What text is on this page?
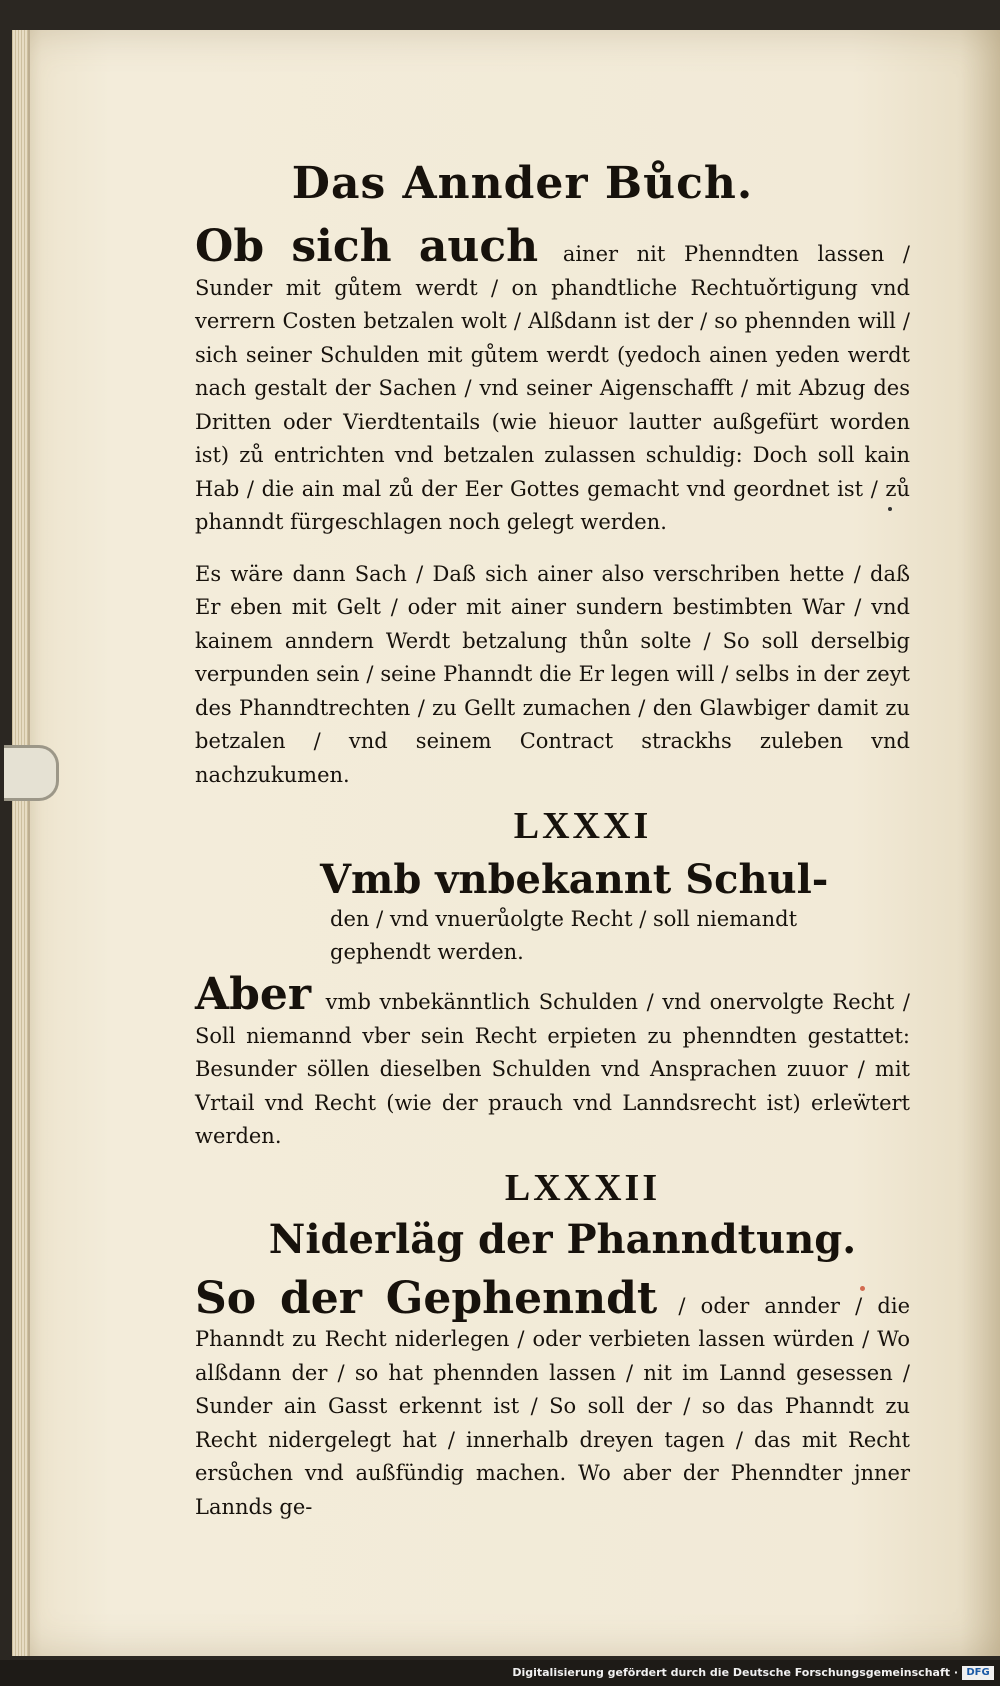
Das Annder Bůch.

Ob sich auch ainer nit Phenndten lassen / Sunder mit gůtem werdt / on phandtliche Rechtuǒrtigung vnd verrern Costen betzalen wolt / Alßdann ist der / so phennden will / sich seiner Schulden mit gůtem werdt (yedoch ainen yeden werdt nach gestalt der Sachen / vnd seiner Aigenschafft / mit Abzug des Dritten oder Vierdtentails (wie hieuor lautter außgefürt worden ist) zů entrichten vnd betzalen zulassen schuldig: Doch soll kain Hab / die ain mal zů der Eer Gottes gemacht vnd geordnet ist / zů phanndt fürgeschlagen noch gelegt werden.

Es wäre dann Sach / Daß sich ainer also verschriben hette / daß Er eben mit Gelt / oder mit ainer sundern bestimbten War / vnd kainem anndern Werdt betzalung thůn solte / So soll derselbig verpunden sein / seine Phanndt die Er legen will / selbs in der zeyt des Phanndtrechten / zu Gellt zumachen / den Glawbiger damit zu betzalen / vnd seinem Contract strackhs zuleben vnd nachzukumen.

LXXXI
Vmb vnbekannt Schul-
den / vnd vnuerůolgte Recht / soll niemandt gephendt werden.

Aber vmb vnbekänntlich Schulden / vnd onervolgte Recht / Soll niemannd vber sein Recht erpieten zu phenndten gestattet: Besunder söllen dieselben Schulden vnd Ansprachen zuuor / mit Vrtail vnd Recht (wie der prauch vnd Lanndsrecht ist) erleẅtert werden.

LXXXII
Niderläg der Phanndtung.

So der Gephenndt / oder annder / die Phanndt zu Recht niderlegen / oder verbieten lassen würden / Wo alßdann der / so hat phennden lassen / nit im Lannd gesessen / Sunder ain Gasst erkennt ist / So soll der / so das Phanndt zu Recht nidergelegt hat / innerhalb dreyen tagen / das mit Recht ersůchen vnd außfündig machen. Wo aber der Phenndter jnner Lannds ge-

Digitalisierung gefördert durch die Deutsche Forschungsgemeinschaft · DFG
